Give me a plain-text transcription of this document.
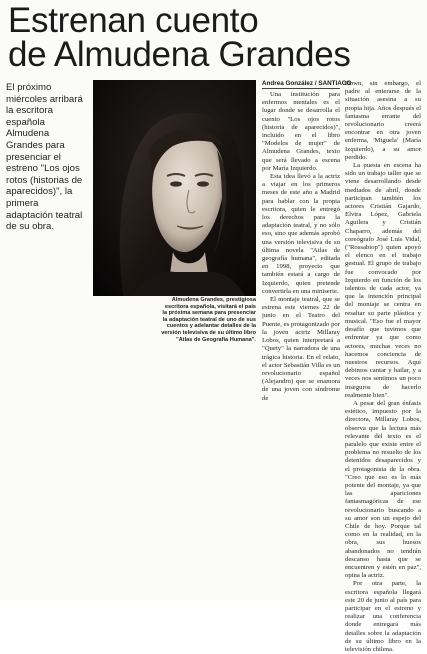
Estrenan cuento
de Almudena Grandes
El próximo miércoles arribará la escritora española Almudena Grandes para presenciar el estreno "Los ojos rotos (historias de aparecidos)", la primera adaptación teatral de su obra.
Almudena Grandes, prestigiosa escritora española, visitará el país la próxima semana para presenciar la adaptación teatral de uno de sus cuentos y adelantar detalles de la versión televisiva de su último libro "Atlas de Geografía Humana".
Andrea González / SANTIAGO

Una institución para enfermos mentales es el lugar donde se desarrolla el cuento "Los ojos rotos (historia de aparecidos)", incluido en el libro "Modelos de mujer" de Almudena Grandes, texto que será llevado a escena por María Izquierdo.

Esta idea llevó a la actriz a viajar en los primeros meses de este año a Madrid para hablar con la propia escritora, quien le entregó los derechos para la adaptación teatral, y no sólo eso, sino que además aprobó una versión televisiva de su última novela "Atlas de geografía humana", editada en 1998, proyecto que también estará a cargo de Izquierdo, quien pretende convertirla en una miniserie.

El montaje teatral, que se estrena este viernes 22 de junio en el Teatro del Puente, es protagonizado por la joven actriz Millaray Lobos, quien interpretará a "Quety" la narradora de una trágica historia. En el relato, el actor Sebastián Villa es un revolucionario español (Alejandro) que se enamora de una joven con síndrome de

Down, sin embargo, el padre al enterarse de la situación asesina a su propia hija. Años después el fantasma errante del revolucionario creerá encontrar en otra joven enferma, 'Miguela' (María Izquierdo), a su amor perdido.

La puesta en escena ha sido un trabajo taller que se viene desarrollando desde mediados de abril, donde participan también los actores Cristián Gajardo, Elvira López, Gabriela Aguilera y Cristián Chaparro, además del coreógrafo José Luis Vidal, ("Rossabiop") quien apoyó el elenco en el trabajo gestual. El grupo de trabajo fue convocado por Izquierdo en función de los talentos de cada actor, ya que la intención principal del montaje se centra en resaltar su parte plástica y musical. "Eso fue el mayor desafío que tuvimos que enfrentar ya que como actores, muchas veces no hacemos conciencia de nuestros recursos. Aquí debimos cantar y bailar, y a veces nos sentimos un poco inseguros de hacerlo realmente bien".

A pesar del gran énfasis estético, impuesto por la directora, Millaray Lobos, observa que la lectura más relevante del texto es el paralelo que existe entre el problema no resuelto de los detenidos desaparecidos y el protagonista de la obra. "Creo que eso es lo más potente del montaje, ya que las apariciones fantasmagóricas de ese revolucionario buscando a su amor son un espejo del Chile de hoy. Porque tal como en la realidad, en la obra, sus huesos abandonados no tendrán descanso hasta que se encuentren y estén en paz", opina la actriz.

Por otra parte, la escritora española llegará este 20 de junio al país para participar en el estreno y realizar una conferencia donde entregará más detalles sobre la adaptación de su último libro en la televisión chilena.
